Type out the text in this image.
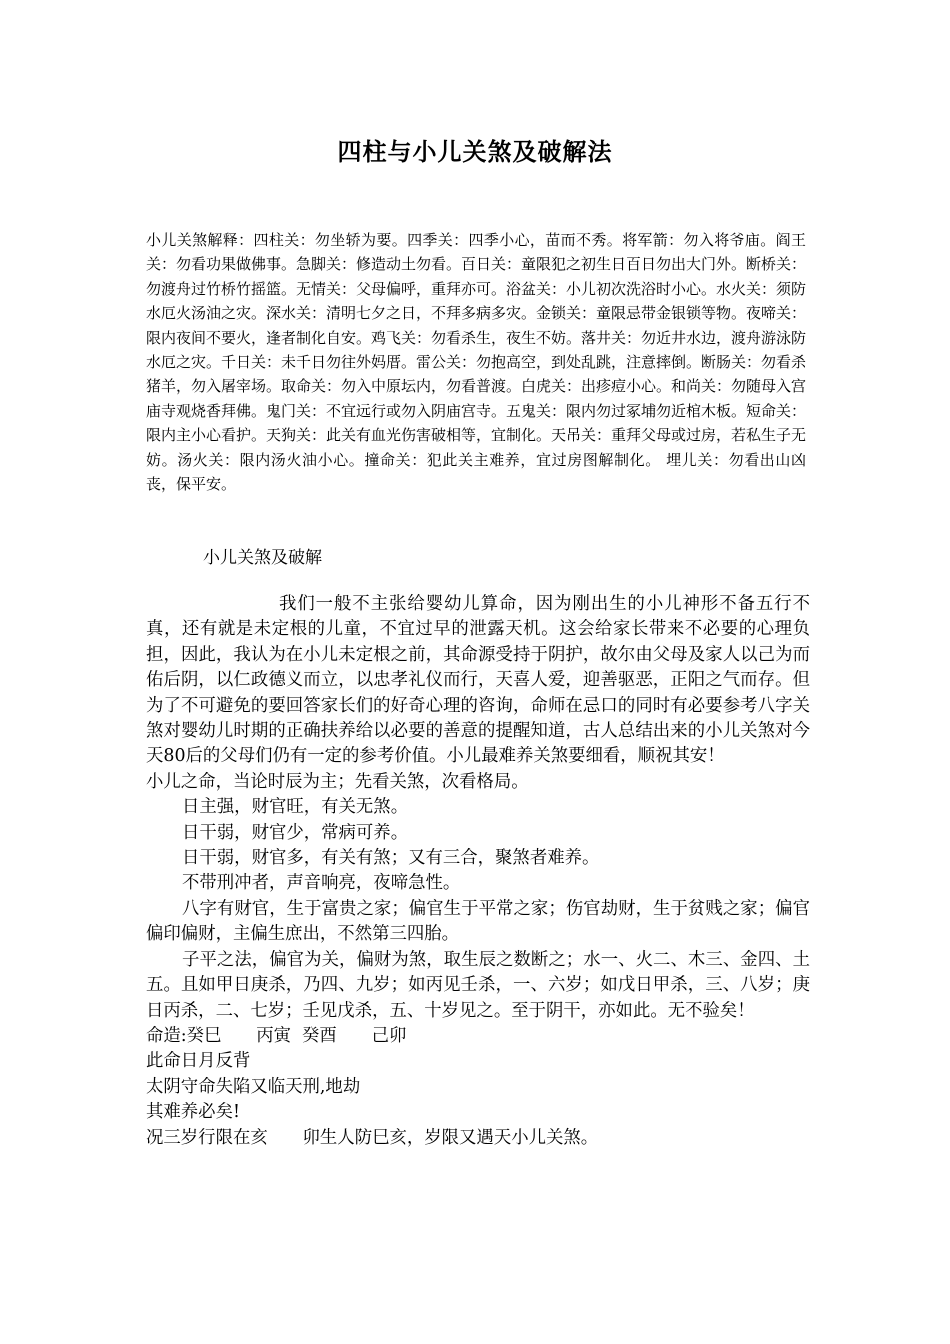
四柱与小儿关煞及破解法
小儿关煞解释：四柱关：勿坐轿为要。四季关：四季小心，苗而不秀。将军箭：勿入将爷庙。阎王关：勿看功果做佛事。急脚关：修造动土勿看。百日关：童限犯之初生日百日勿出大门外。断桥关：勿渡舟过竹桥竹摇篮。无情关：父母偏呼，重拜亦可。浴盆关：小儿初次洗浴时小心。水火关：须防水厄火汤油之灾。深水关：清明七夕之日，不拜多病多灾。金锁关：童限忌带金银锁等物。夜啼关：限内夜间不要火，逢者制化自安。鸡飞关：勿看杀生，夜生不妨。落井关：勿近井水边，渡舟游泳防水厄之灾。千日关：未千日勿往外妈厝。雷公关：勿抱高空，到处乱跳，注意摔倒。断肠关：勿看杀猪羊，勿入屠宰场。取命关：勿入中原坛内，勿看普渡。白虎关：出疹痘小心。和尚关：勿随母入宫庙寺观烧香拜佛。鬼门关：不宜远行或勿入阴庙宫寺。五鬼关：限内勿过冢埔勿近棺木板。短命关：限内主小心看护。天狗关：此关有血光伤害破相等，宜制化。天吊关：重拜父母或过房，若私生子无妨。汤火关：限内汤火油小心。撞命关：犯此关主难养，宜过房图解制化。 埋儿关：勿看出山凶丧，保平安。
小儿关煞及破解

我们一般不主张给婴幼儿算命，因为刚出生的小儿神形不备五行不真，还有就是未定根的儿童，不宜过早的泄露天机。这会给家长带来不必要的心理负担，因此，我认为在小儿未定根之前，其命源受持于阴护，故尔由父母及家人以己为而佑后阴，以仁政德义而立，以忠孝礼仪而行，天喜人爱，迎善驱恶，正阳之气而存。但为了不可避免的要回答家长们的好奇心理的咨询，命师在忌口的同时有必要参考八字关煞对婴幼儿时期的正确扶养给以必要的善意的提醒知道，古人总结出来的小儿关煞对今天80后的父母们仍有一定的参考价值。小儿最难养关煞要细看，顺祝其安！

小儿之命，当论时辰为主；先看关煞，次看格局。

日主强，财官旺，有关无煞。

日干弱，财官少，常病可养。

日干弱，财官多，有关有煞；又有三合，聚煞者难养。

不带刑冲者，声音响亮，夜啼急性。

八字有财官，生于富贵之家；偏官生于平常之家；伤官劫财，生于贫贱之家；偏官偏印偏财，主偏生庶出，不然第三四胎。

子平之法，偏官为关，偏财为煞，取生辰之数断之；水一、火二、木三、金四、土五。且如甲日庚杀，乃四、九岁；如丙见壬杀，一、六岁；如戊日甲杀，三、八岁；庚日丙杀，二、七岁；壬见戊杀，五、十岁见之。至于阴干，亦如此。无不验矣！

命造:癸巳　　丙寅  癸酉　　己卯

此命日月反背

太阴守命失陷又临天刑,地劫

其难养必矣!

况三岁行限在亥　　卯生人防巳亥，岁限又遇天小儿关煞。
